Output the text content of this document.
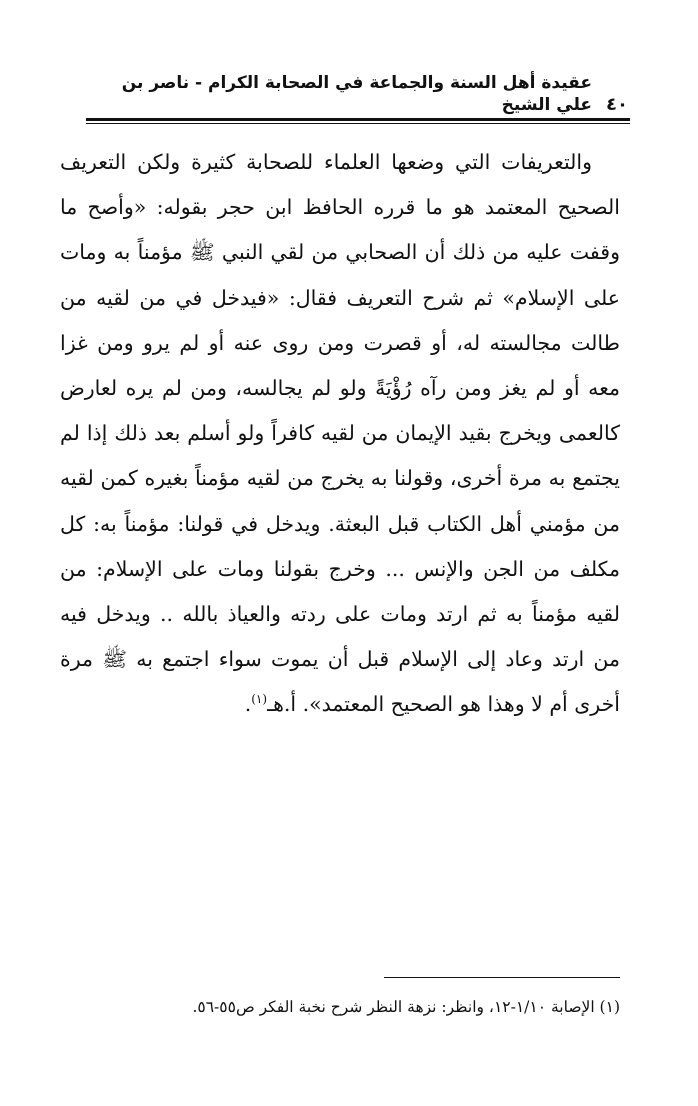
٤٠
عقيدة أهل السنة والجماعة في الصحابة الكرام - ناصر بن علي الشيخ

والتعريفات التي وضعها العلماء للصحابة كثيرة ولكن التعريف الصحيح المعتمد هو ما قرره الحافظ ابن حجر بقوله: «وأصح ما وقفت عليه من ذلك أن الصحابي من لقي النبي ﷺ مؤمناً به ومات على الإسلام» ثم شرح التعريف فقال: «فيدخل في من لقيه من طالت مجالسته له، أو قصرت ومن روى عنه أو لم يرو ومن غزا معه أو لم يغز ومن رآه رُؤْيَةً ولو لم يجالسه، ومن لم يره لعارض كالعمى ويخرج بقيد الإيمان من لقيه كافراً ولو أسلم بعد ذلك إذا لم يجتمع به مرة أخرى، وقولنا به يخرج من لقيه مؤمناً بغيره كمن لقيه من مؤمني أهل الكتاب قبل البعثة. ويدخل في قولنا: مؤمناً به: كل مكلف من الجن والإنس ... وخرج بقولنا ومات على الإسلام: من لقيه مؤمناً به ثم ارتد ومات على ردته والعياذ بالله .. ويدخل فيه من ارتد وعاد إلى الإسلام قبل أن يموت سواء اجتمع به ﷺ مرة أخرى أم لا وهذا هو الصحيح المعتمد». أ.هـ$^{(١)}$.

(١) الإصابة ١/١٠-١٢، وانظر: نزهة النظر شرح نخبة الفكر ص٥٥-٥٦.
